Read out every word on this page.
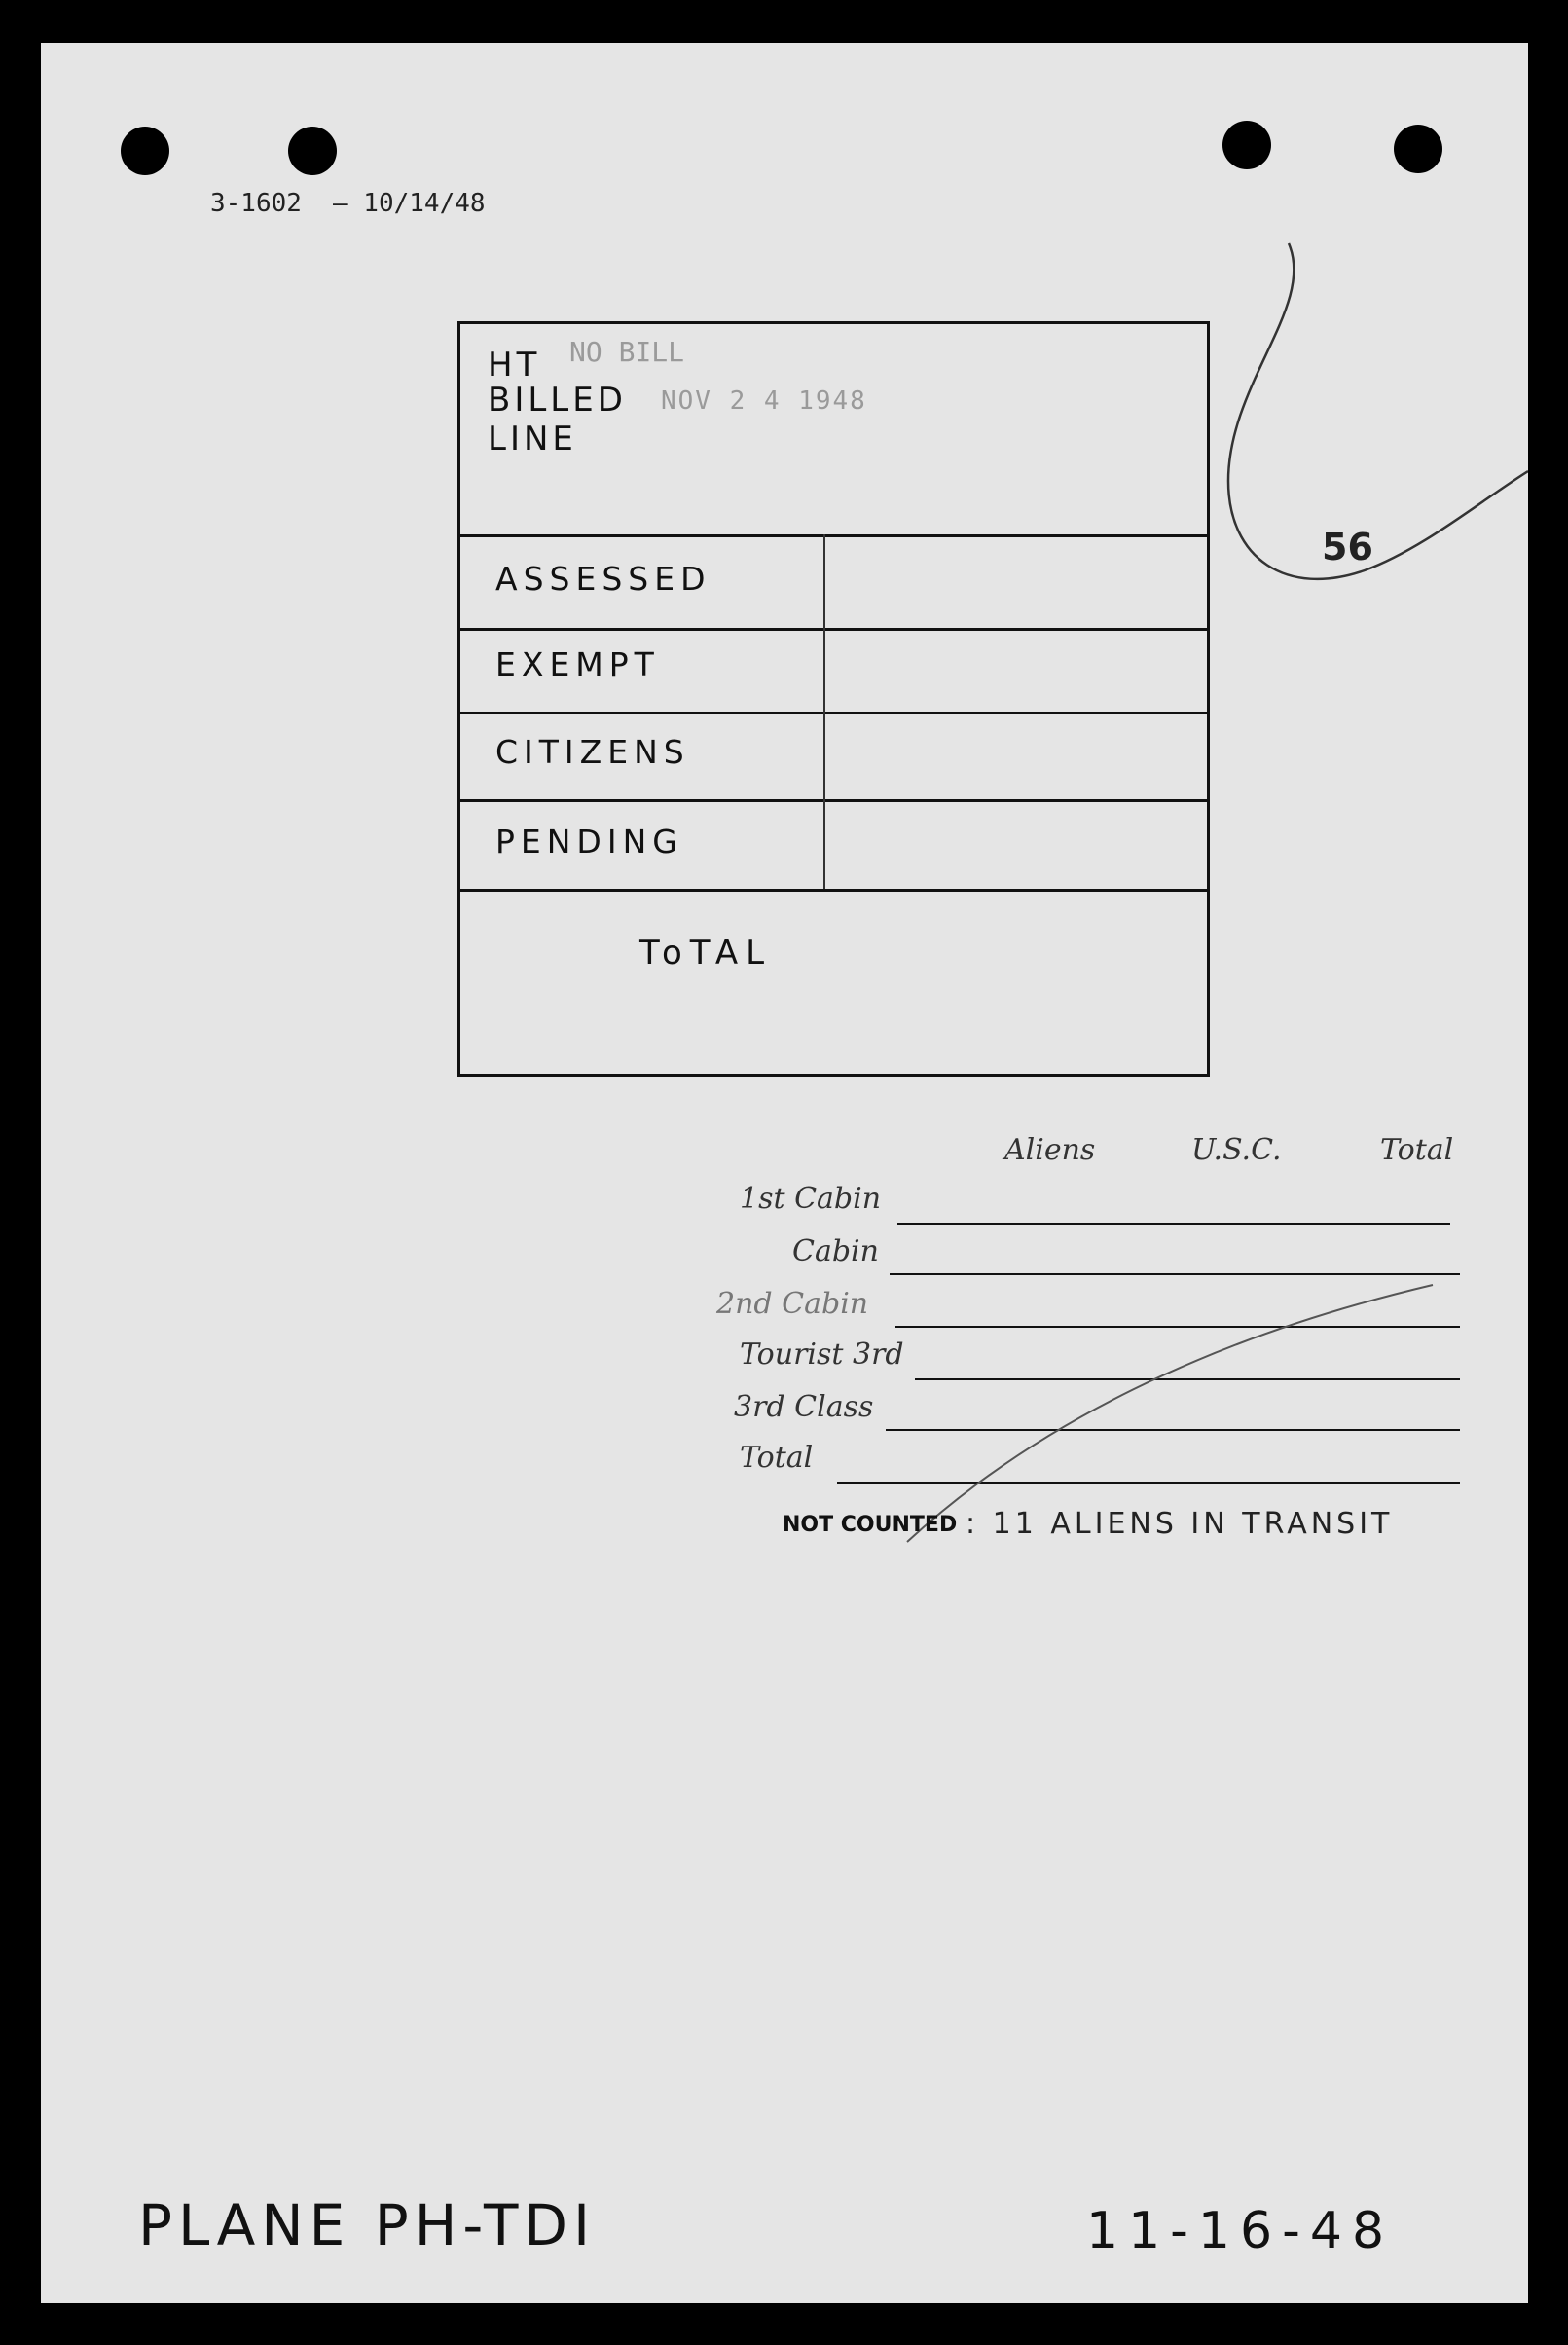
3-1602 — 10/14/48
56
HT
BILLED
LINE
NO BILL
NOV 2 4 1948
ASSESSED
EXEMPT
CITIZENS
PENDING
ToTAL
Aliens	U.S.C.	Total
1st Cabin
Cabin
2nd Cabin
Tourist 3rd
3rd Class
Total
NOT COUNTED : 11 ALIENS IN TRANSIT
PLANE PH-TDI	11-16-48
